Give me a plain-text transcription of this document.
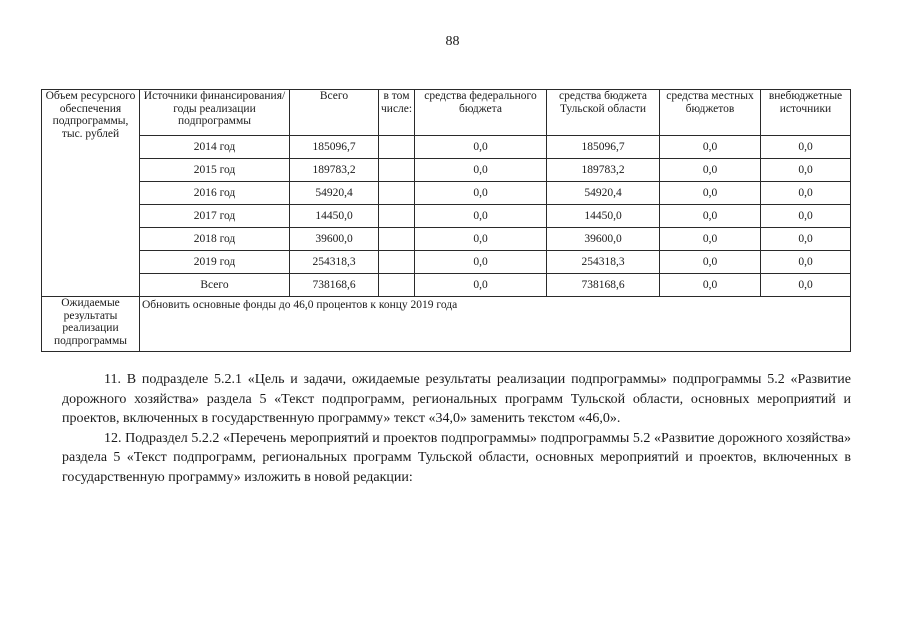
88
Объем ресурсного обеспечения подпрограммы, тыс. рублей	Источники финансирования/годы реализации подпрограммы	Всего	в том числе:	средства федерального бюджета	средства бюджета Тульской области	средства местных бюджетов	внебюджетные источники
	2014 год	185096,7		0,0	185096,7	0,0	0,0
	2015 год	189783,2		0,0	189783,2	0,0	0,0
	2016 год	54920,4		0,0	54920,4	0,0	0,0
	2017 год	14450,0		0,0	14450,0	0,0	0,0
	2018 год	39600,0		0,0	39600,0	0,0	0,0
	2019 год	254318,3		0,0	254318,3	0,0	0,0
	Всего	738168,6		0,0	738168,6	0,0	0,0
Ожидаемые результаты реализации подпрограммы	Обновить основные фонды до 46,0 процентов к концу 2019 года						

11. В подразделе 5.2.1 «Цель и задачи, ожидаемые результаты реализации подпрограммы» подпрограммы 5.2 «Развитие дорожного хозяйства» раздела 5 «Текст подпрограмм, региональных программ Тульской области, основных мероприятий и проектов, включенных в государственную программу» текст «34,0» заменить текстом «46,0».

12. Подраздел 5.2.2 «Перечень мероприятий и проектов подпрограммы» подпрограммы 5.2 «Развитие дорожного хозяйства» раздела 5 «Текст подпрограмм, региональных программ Тульской области, основных мероприятий и проектов, включенных в государственную программу» изложить в новой редакции:
